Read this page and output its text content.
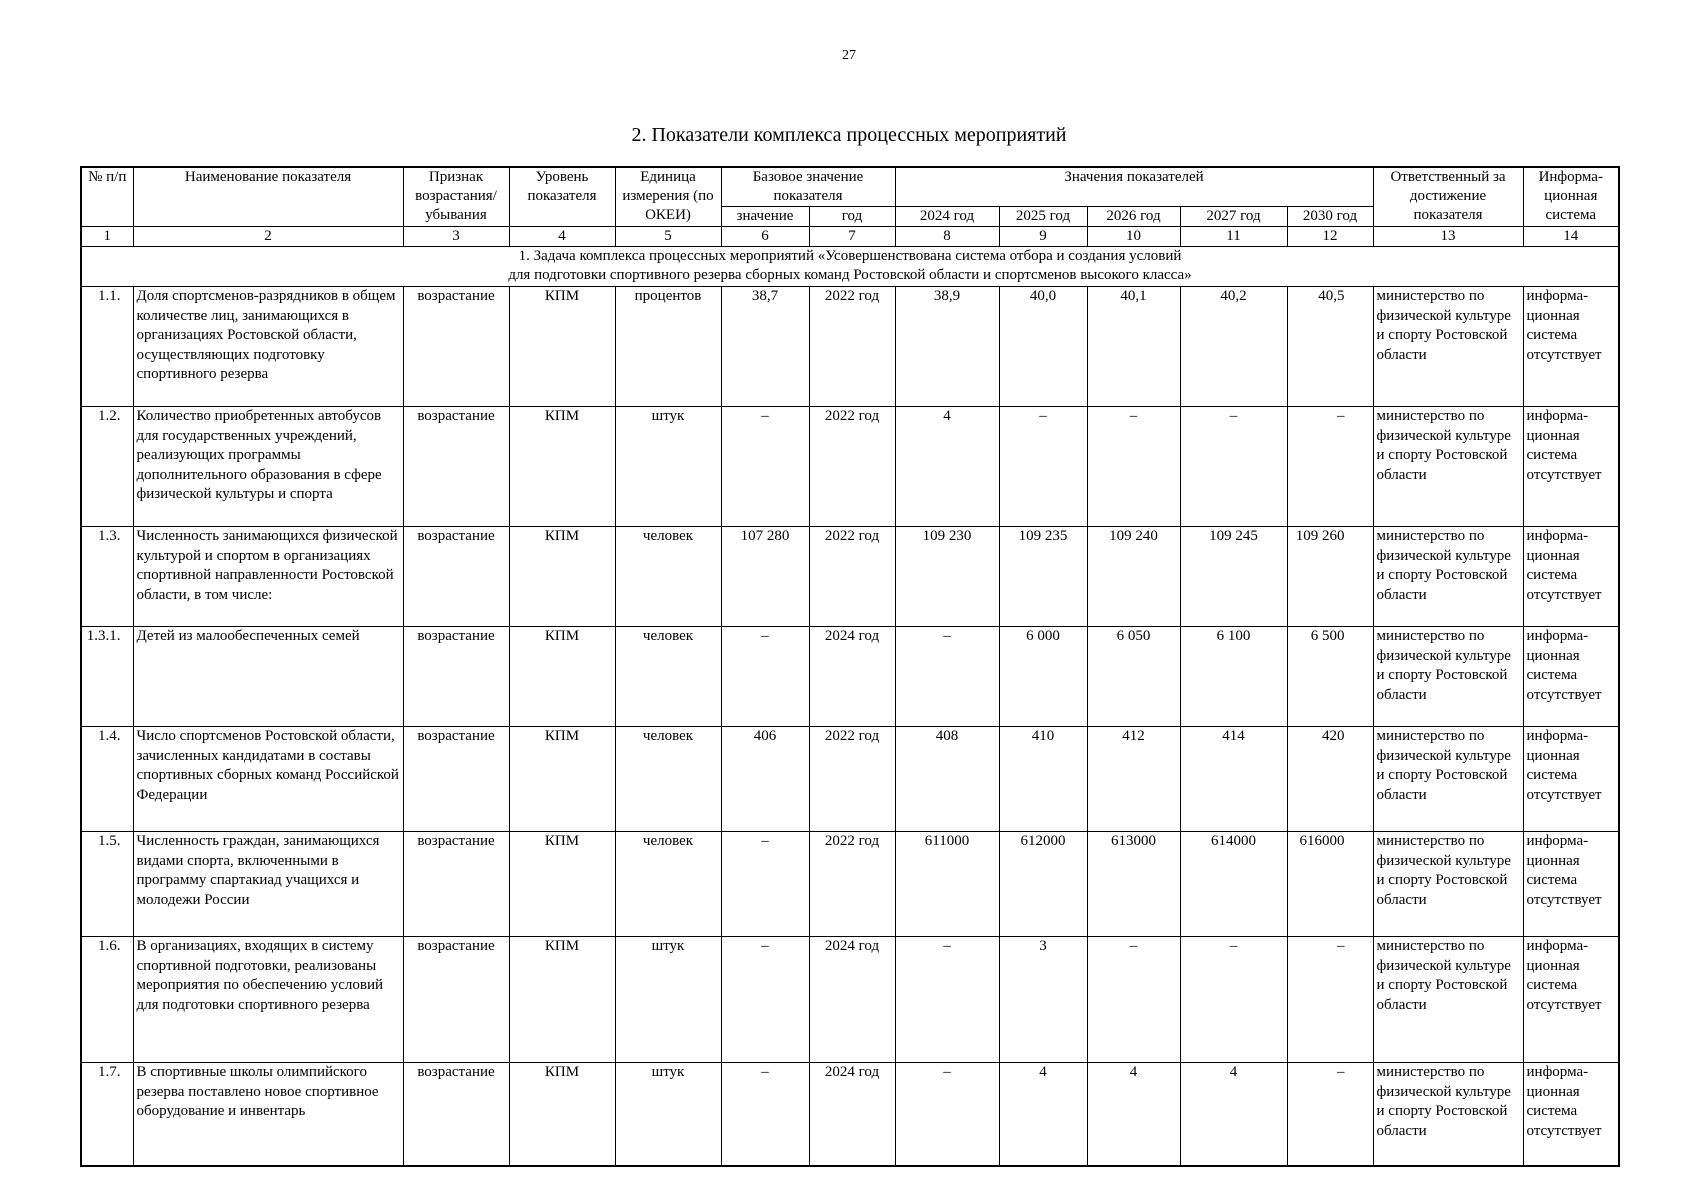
27
2. Показатели комплекса процессных мероприятий
№ п/п	Наименование показателя	Признак возрастания/ убывания	Уровень показателя	Единица измерения (по ОКЕИ)	Базовое значение показателя		Значения показателей					Ответственный за достижение показателя	Информа- ционная система

					значение	год	2024 год	2025 год	2026 год	2027 год	2030 год		
1	2	3	4	5	6	7	8	9	10	11	12	13	14

1. Задача комплекса процессных мероприятий «Усовершенствована система отбора и создания условий
для подготовки спортивного резерва сборных команд Ростовской области и спортсменов высокого класса»													

1.1.	Доля спортсменов-разрядников в общем количестве лиц, занимающихся в организациях Ростовской области, осуществляющих подготовку спортивного резерва	возрастание	КПМ	процентов	38,7	2022 год	38,9	40,0	40,1	40,2	40,5	министерство по физической культуре и спорту Ростовской области	информа- ционная система отсутствует
1.2.	Количество приобретенных автобусов для государственных учреждений, реализующих программы дополнительного образования в сфере физической культуры и спорта	возрастание	КПМ	штук	–	2022 год	4	–	–	–	–	министерство по физической культуре и спорту Ростовской области	информа- ционная система отсутствует
1.3.	Численность занимающихся физической культурой и спортом в организациях спортивной направленности Ростовской области, в том числе:	возрастание	КПМ	человек	107 280	2022 год	109 230	109 235	109 240	109 245	109 260	министерство по физической культуре и спорту Ростовской области	информа- ционная система отсутствует
1.3.1.	Детей из малообеспеченных семей	возрастание	КПМ	человек	–	2024 год	–	6 000	6 050	6 100	6 500	министерство по физической культуре и спорту Ростовской области	информа- ционная система отсутствует
1.4.	Число спортсменов Ростовской области, зачисленных кандидатами в составы спортивных сборных команд Российской Федерации	возрастание	КПМ	человек	406	2022 год	408	410	412	414	420	министерство по физической культуре и спорту Ростовской области	информа- ционная система отсутствует
1.5.	Численность граждан, занимающихся видами спорта, включенными в программу спартакиад учащихся и молодежи России	возрастание	КПМ	человек	–	2022 год	611000	612000	613000	614000	616000	министерство по физической культуре и спорту Ростовской области	информа- ционная система отсутствует
1.6.	В организациях, входящих в систему спортивной подготовки, реализованы мероприятия по обеспечению условий для подготовки спортивного резерва	возрастание	КПМ	штук	–	2024 год	–	3	–	–	–	министерство по физической культуре и спорту Ростовской области	информа- ционная система отсутствует
1.7.	В спортивные школы олимпийского резерва поставлено новое спортивное оборудование и инвентарь	возрастание	КПМ	штук	–	2024 год	–	4	4	4	–	министерство по физической культуре и спорту Ростовской области	информа- ционная система отсутствует
